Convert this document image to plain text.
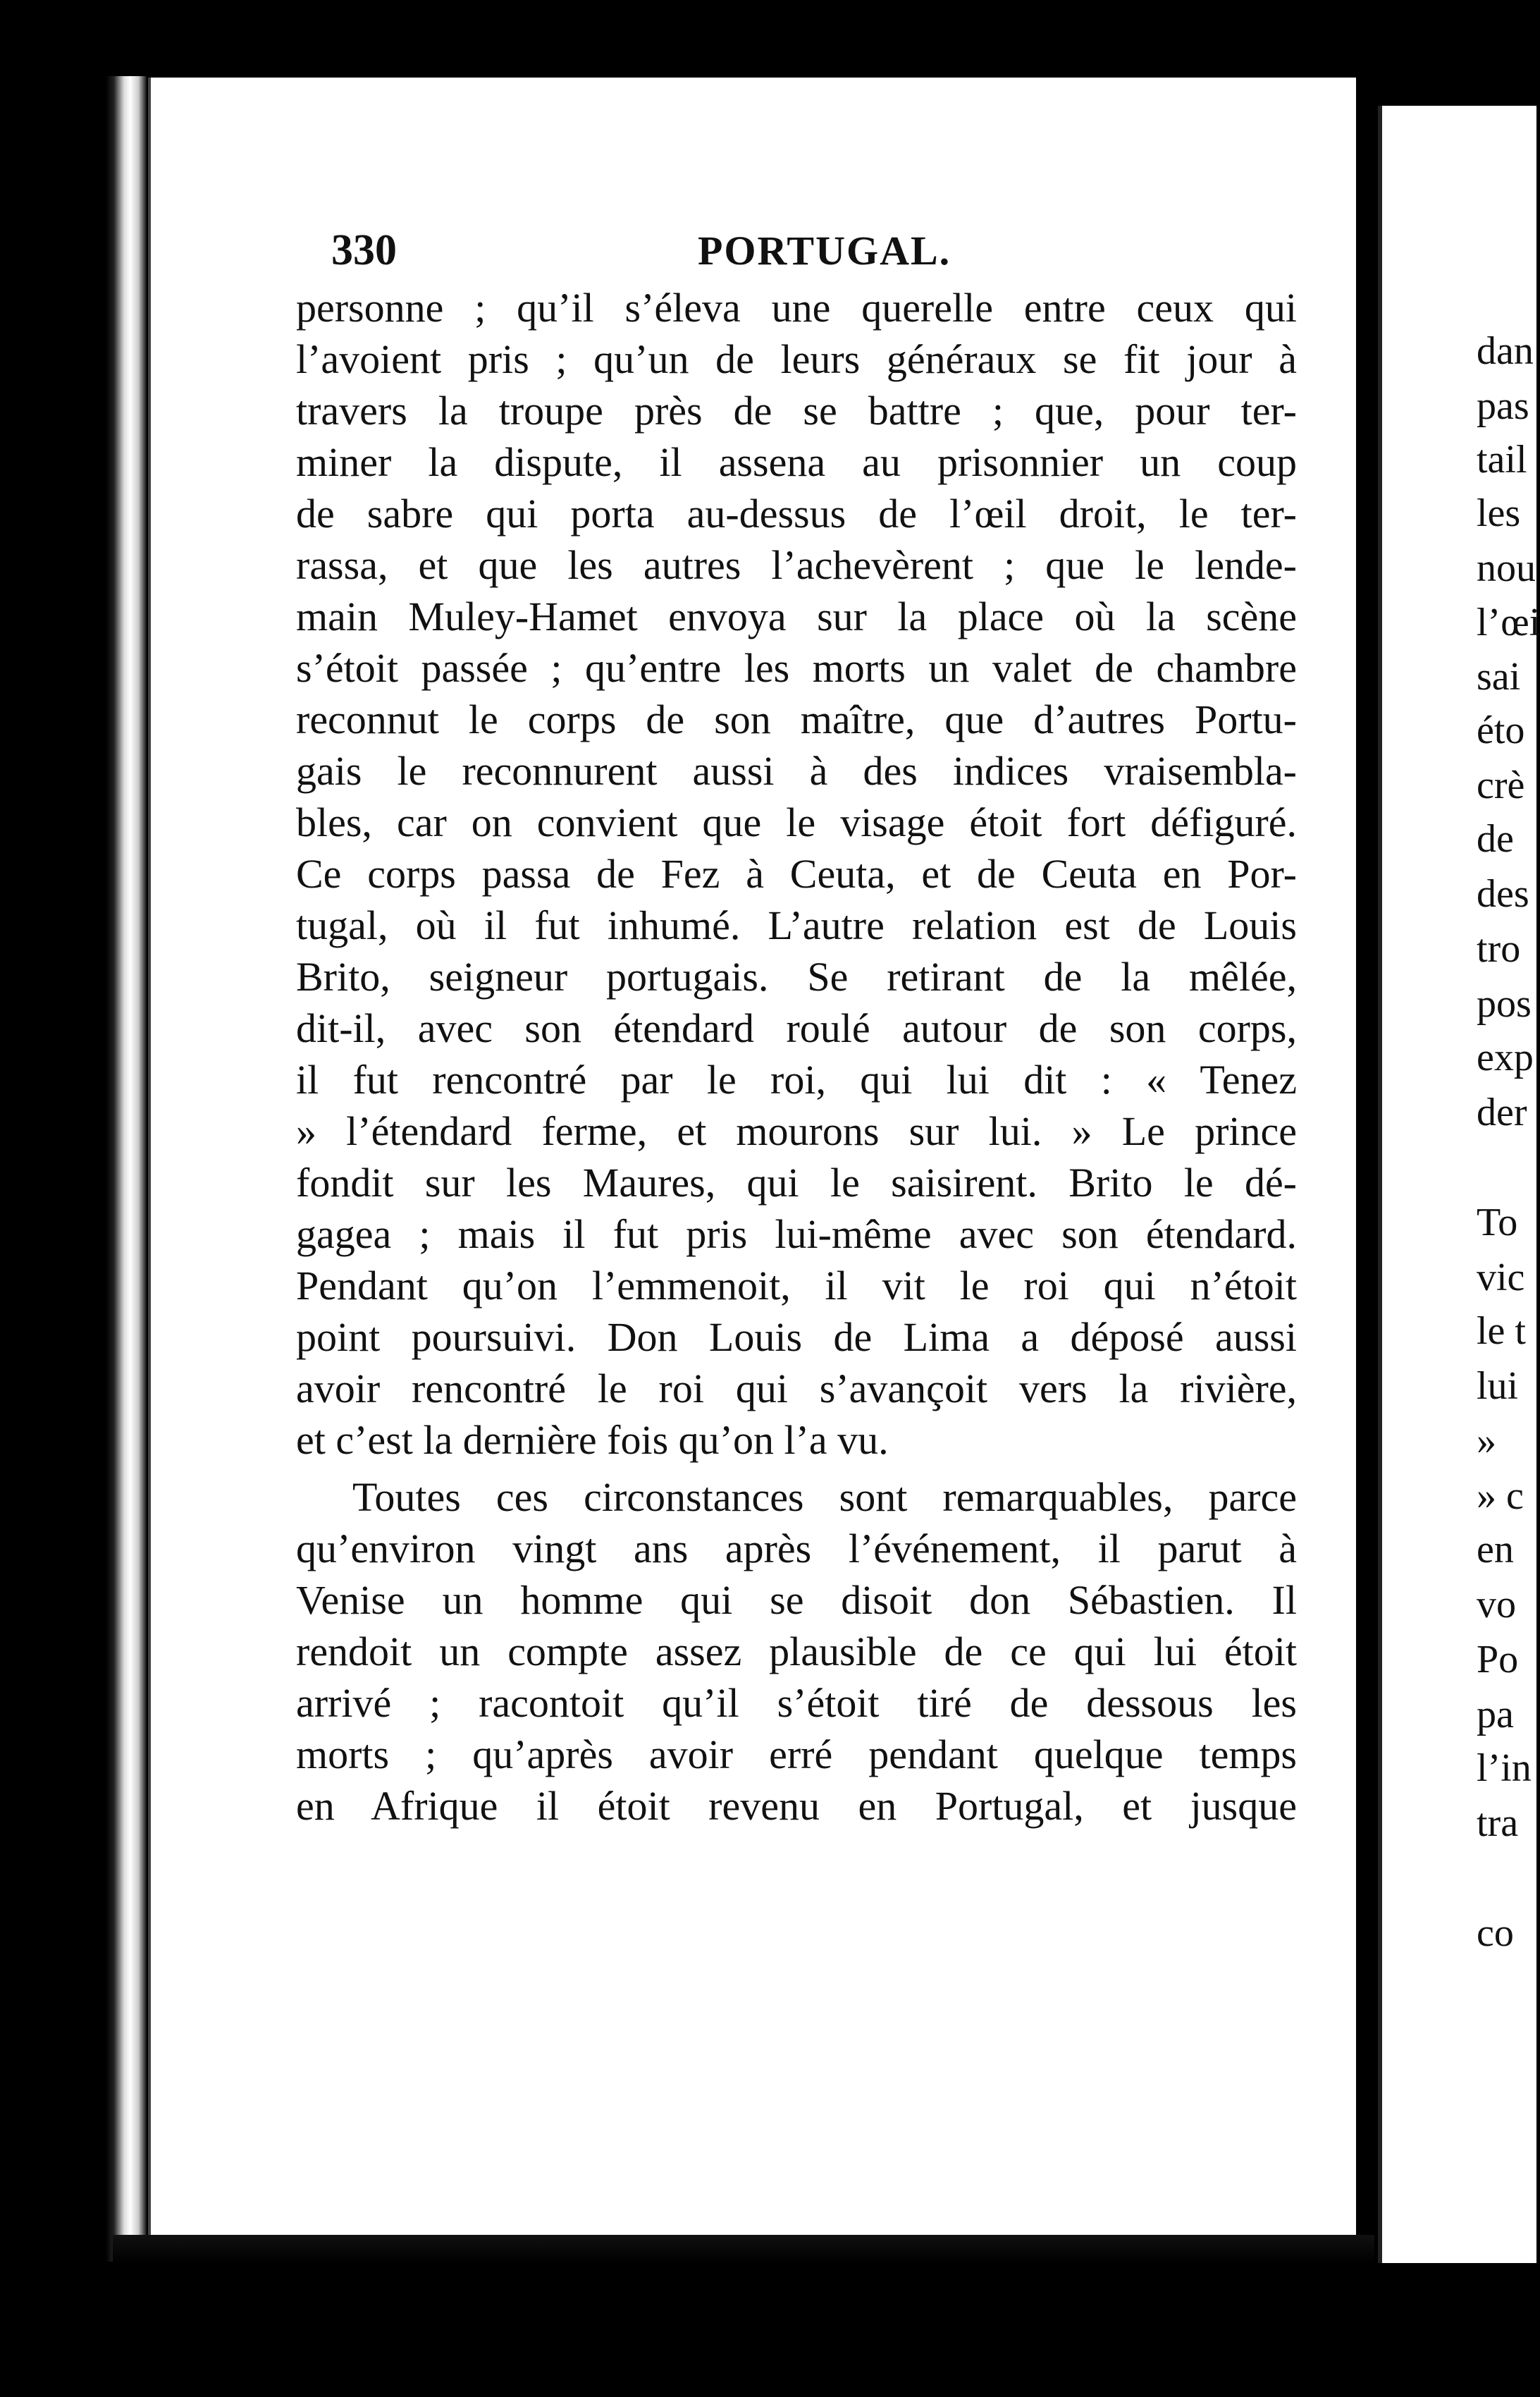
330	PORTUGAL.
personne ; qu’il s’éleva une querelle entre ceux qui
l’avoient pris ; qu’un de leurs généraux se fit jour à
travers la troupe près de se battre ; que, pour ter-
miner la dispute, il assena au prisonnier un coup
de sabre qui porta au-dessus de l’œil droit, le ter-
rassa, et que les autres l’achevèrent ; que le lende-
main Muley-Hamet envoya sur la place où la scène
s’étoit passée ; qu’entre les morts un valet de chambre
reconnut le corps de son maître, que d’autres Portu-
gais le reconnurent aussi à des indices vraisembla-
bles, car on convient que le visage étoit fort défiguré.
Ce corps passa de Fez à Ceuta, et de Ceuta en Por-
tugal, où il fut inhumé. L’autre relation est de Louis
Brito, seigneur portugais. Se retirant de la mêlée,
dit-il, avec son étendard roulé autour de son corps,
il fut rencontré par le roi, qui lui dit : « Tenez
» l’étendard ferme, et mourons sur lui. » Le prince
fondit sur les Maures, qui le saisirent. Brito le dé-
gagea ; mais il fut pris lui-même avec son étendard.
Pendant qu’on l’emmenoit, il vit le roi qui n’étoit
point poursuivi. Don Louis de Lima a déposé aussi
avoir rencontré le roi qui s’avançoit vers la rivière,
et c’est la dernière fois qu’on l’a vu.
Toutes ces circonstances sont remarquables, parce
qu’environ vingt ans après l’événement, il parut à
Venise un homme qui se disoit don Sébastien. Il
rendoit un compte assez plausible de ce qui lui étoit
arrivé ; racontoit qu’il s’étoit tiré de dessous les
morts ; qu’après avoir erré pendant quelque temps
en Afrique il étoit revenu en Portugal, et jusque
dan
pas
tail
les
nou
l’œi
sai
éto
crè
de
des
tro
pos
exp
der
To
vic
le t
lui
»
» c
en
vo
Po
pa
l’in
tra
co
